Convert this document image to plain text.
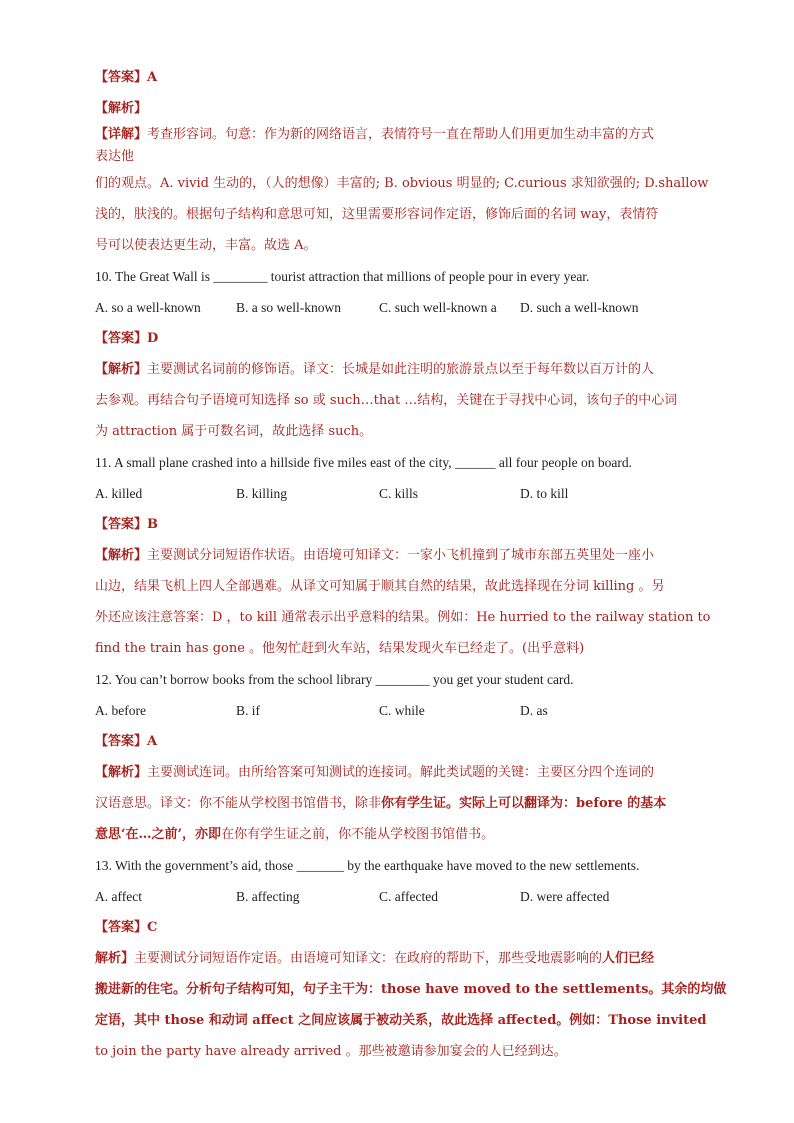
【答案】A
【解析】
【详解】考查形容词。句意：作为新的网络语言，表情符号一直在帮助人们用更加生动丰富的方式
表达他
们的观点。A. vivid 生动的，（人的想像）丰富的; B. obvious 明显的; C.curious 求知欲强的; D.shallow
浅的，肤浅的。根据句子结构和意思可知，这里需要形容词作定语，修饰后面的名词 way，表情符
号可以使表达更生动，丰富。故选 A。
10. The Great Wall is ________ tourist attraction that millions of people pour in every year.
A. so a well-known	B. a so well-known	C. such well-known a D. such a well-known
【答案】D
【解析】主要测试名词前的修饰语。译文：长城是如此注明的旅游景点以至于每年数以百万计的人
去参观。再结合句子语境可知选择 so 或 such…that …结构，关键在于寻找中心词，该句子的中心词
为 attraction 属于可数名词，故此选择 such。
11. A small plane crashed into a hillside five miles east of the city, ______ all four people on board.
A. killed	B. killing	C. kills	D. to kill
【答案】B
【解析】主要测试分词短语作状语。由语境可知译文：一家小飞机撞到了城市东部五英里处一座小
山边，结果飞机上四人全部遇难。从译文可知属于顺其自然的结果，故此选择现在分词 killing 。另
外还应该注意答案：D ，to kill 通常表示出乎意料的结果。例如：He hurried to the railway station to
find the train has gone 。他匆忙赶到火车站，结果发现火车已经走了。(出乎意料)
12. You can’t borrow books from the school library ________ you get your student card.
A. before	B. if	C. while	D. as
【答案】A
【解析】主要测试连词。由所给答案可知测试的连接词。解此类试题的关键：主要区分四个连词的
汉语意思。译文：你不能从学校图书馆借书，除非你有学生证。实际上可以翻译为：before 的基本
意思‘在…之前’，亦即在你有学生证之前，你不能从学校图书馆借书。
13. With the government’s aid, those _______ by the earthquake have moved to the new settlements.
A. affect	B. affecting	C. affected	D. were affected
【答案】C
解析】主要测试分词短语作定语。由语境可知译文：在政府的帮助下，那些受地震影响的人们已经
搬进新的住宅。分析句子结构可知，句子主干为：those have moved to the settlements。其余的均做
定语，其中 those 和动词 affect 之间应该属于被动关系，故此选择 affected。例如：Those invited
to join the party have already arrived 。那些被邀请参加宴会的人已经到达。
